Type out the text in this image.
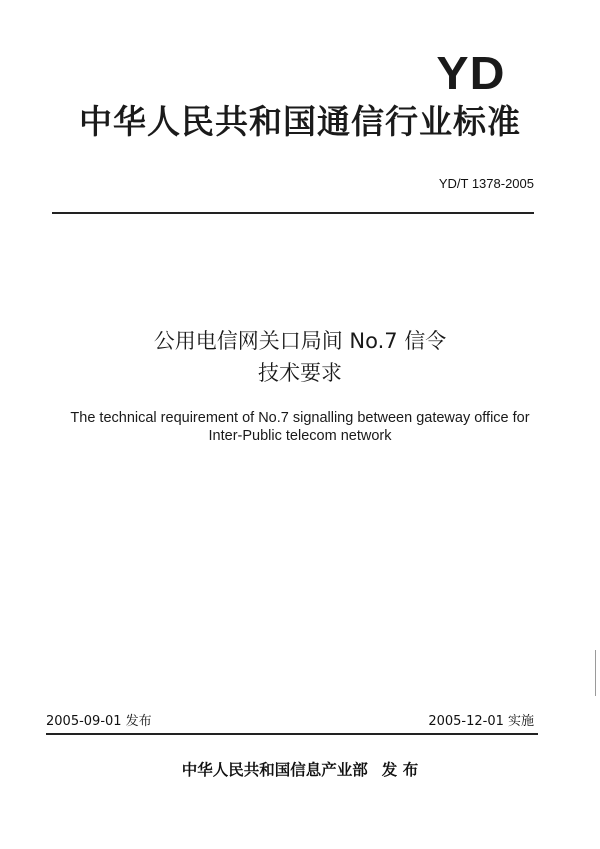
YD
中华人民共和国通信行业标准
YD/T 1378-2005
公用电信网关口局间 No.7 信令
技术要求
The technical requirement of No.7 signalling between gateway office for
Inter-Public telecom network
2005-09-01 发布	2005-12-01 实施
中华人民共和国信息产业部 发 布
